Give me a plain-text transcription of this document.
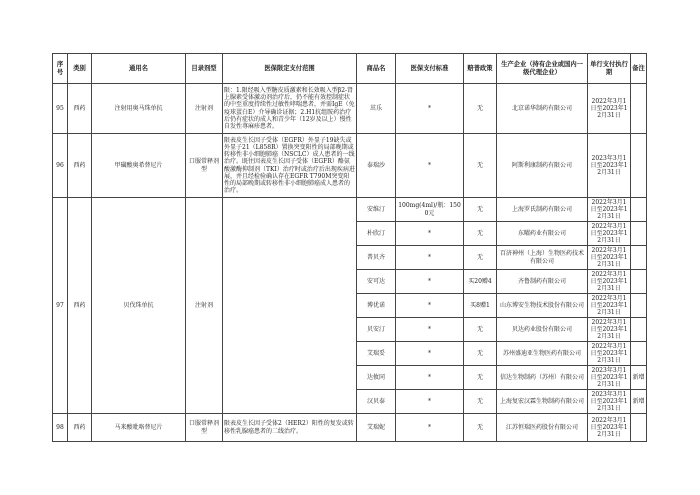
序号	类别	通用名	目录剂型	医保限定支付范围	商品名	医保支付标准	赔普政策	生产企业（持有企业或国内一级代理企业）	单行支付执行期	备注
95	西药	注射用奥马珠单抗	注射剂	限：1.限经吸入型糖皮质激素和长效吸入型β2-肾上腺素受体激动剂治疗后，仍不能有效控制症状的中至重度持续性过敏性哮喘患者，并需IgE（免疫球蛋白E）介导确诊证据；2.H1抗组胺药治疗后仍有症状的成人和青少年（12岁及以上）慢性自发性荨麻疹患者。	茁乐	*	无	北京诺华制药有限公司	2022年3月1日至2023年12月31日	
96	西药	甲磺酸奥希替尼片	口服常释剂型	限表皮生长因子受体（EGFR）外显子19缺失或外显子21（L858R）置换突变阳性的局部晚期或转移性非小细胞肺癌（NSCLC）成人患者的一线治疗。既往因表皮生长因子受体（EGFR）酪氨酸激酶抑制剂（TKI）治疗时或治疗后出现疾病进展，并且经检验确认存在EGFR T790M突变阳性的局部晚期或转移性非小细胞肺癌成人患者的治疗。	泰瑞沙	*	无	阿斯利康制药有限公司	2023年3月1日至2023年12月31日	
97	西药	贝伐珠单抗	注射剂		安维汀	100mg(4ml)/瓶：1500元	无	上海罗氏制药有限公司	2022年3月1日至2023年12月31日	
					朴欣汀	*	无	东曜药业有限公司	2022年3月1日至2023年12月31日	
					普贝齐	*	无	百济神州（上海）生物医药技术有限公司	2022年3月1日至2023年12月31日	
					安可达	*	买20赠4	齐鲁制药有限公司	2022年3月1日至2023年12月31日	
					博优诺	*	买8赠1	山东博安生物技术股份有限公司	2022年3月1日至2023年12月31日	
					贝安汀	*	无	贝达药业股份有限公司	2022年3月1日至2023年12月31日	
					艾瑞妥	*	无	苏州盛迪亚生物医药有限公司	2022年3月1日至2023年12月31日	
					达攸同	*	无	信达生物制药（苏州）有限公司	2023年3月1日至2023年12月31日	新增
					汉贝泰	*	无	上海复宏汉霖生物制药有限公司	2023年3月1日至2023年12月31日	新增
98	西药	马来酸吡咯替尼片	口服常释剂型	限表皮生长因子受体2（HER2）阳性的复发或转移性乳腺癌患者的二线治疗。	艾瑞妮	*	无	江苏恒瑞医药股份有限公司	2022年3月1日至2023年12月31日	
